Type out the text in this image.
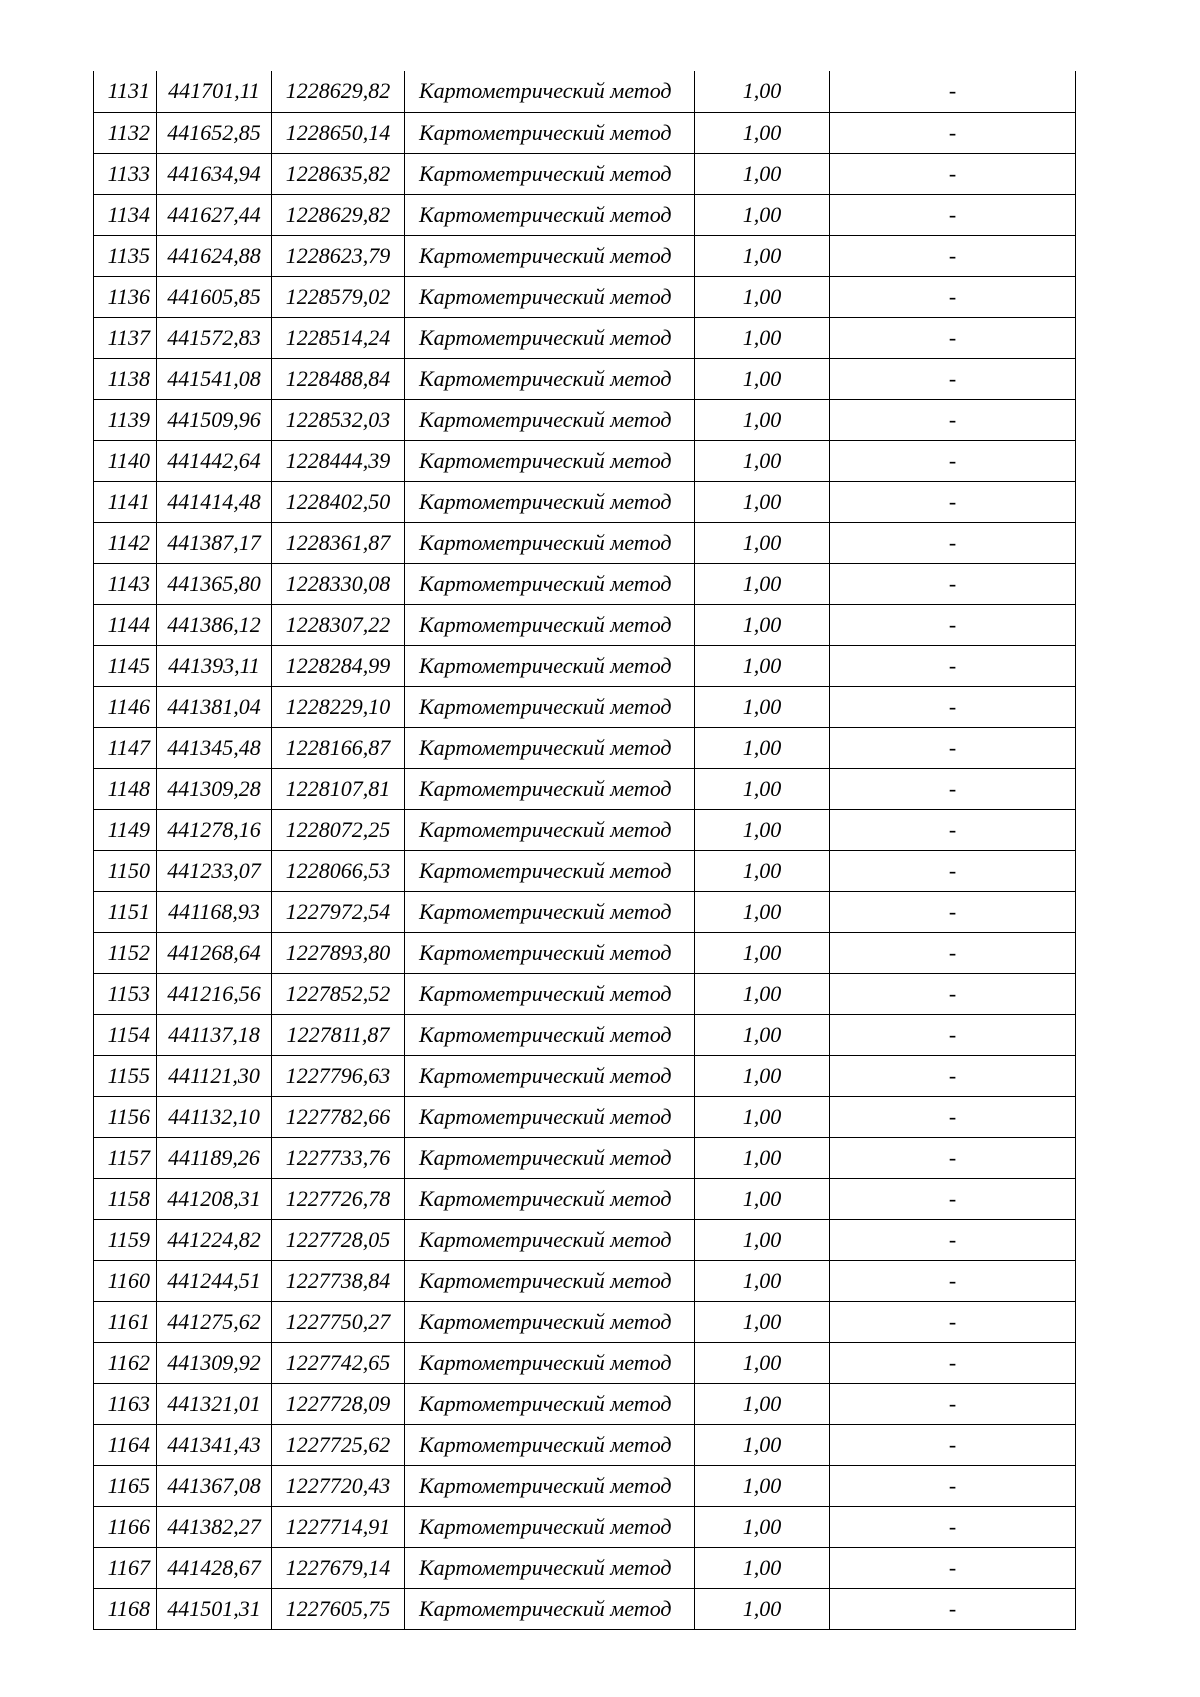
1131	441701,11	1228629,82	Картометрический метод	1,00	-
1132	441652,85	1228650,14	Картометрический метод	1,00	-
1133	441634,94	1228635,82	Картометрический метод	1,00	-
1134	441627,44	1228629,82	Картометрический метод	1,00	-
1135	441624,88	1228623,79	Картометрический метод	1,00	-
1136	441605,85	1228579,02	Картометрический метод	1,00	-
1137	441572,83	1228514,24	Картометрический метод	1,00	-
1138	441541,08	1228488,84	Картометрический метод	1,00	-
1139	441509,96	1228532,03	Картометрический метод	1,00	-
1140	441442,64	1228444,39	Картометрический метод	1,00	-
1141	441414,48	1228402,50	Картометрический метод	1,00	-
1142	441387,17	1228361,87	Картометрический метод	1,00	-
1143	441365,80	1228330,08	Картометрический метод	1,00	-
1144	441386,12	1228307,22	Картометрический метод	1,00	-
1145	441393,11	1228284,99	Картометрический метод	1,00	-
1146	441381,04	1228229,10	Картометрический метод	1,00	-
1147	441345,48	1228166,87	Картометрический метод	1,00	-
1148	441309,28	1228107,81	Картометрический метод	1,00	-
1149	441278,16	1228072,25	Картометрический метод	1,00	-
1150	441233,07	1228066,53	Картометрический метод	1,00	-
1151	441168,93	1227972,54	Картометрический метод	1,00	-
1152	441268,64	1227893,80	Картометрический метод	1,00	-
1153	441216,56	1227852,52	Картометрический метод	1,00	-
1154	441137,18	1227811,87	Картометрический метод	1,00	-
1155	441121,30	1227796,63	Картометрический метод	1,00	-
1156	441132,10	1227782,66	Картометрический метод	1,00	-
1157	441189,26	1227733,76	Картометрический метод	1,00	-
1158	441208,31	1227726,78	Картометрический метод	1,00	-
1159	441224,82	1227728,05	Картометрический метод	1,00	-
1160	441244,51	1227738,84	Картометрический метод	1,00	-
1161	441275,62	1227750,27	Картометрический метод	1,00	-
1162	441309,92	1227742,65	Картометрический метод	1,00	-
1163	441321,01	1227728,09	Картометрический метод	1,00	-
1164	441341,43	1227725,62	Картометрический метод	1,00	-
1165	441367,08	1227720,43	Картометрический метод	1,00	-
1166	441382,27	1227714,91	Картометрический метод	1,00	-
1167	441428,67	1227679,14	Картометрический метод	1,00	-
1168	441501,31	1227605,75	Картометрический метод	1,00	-
